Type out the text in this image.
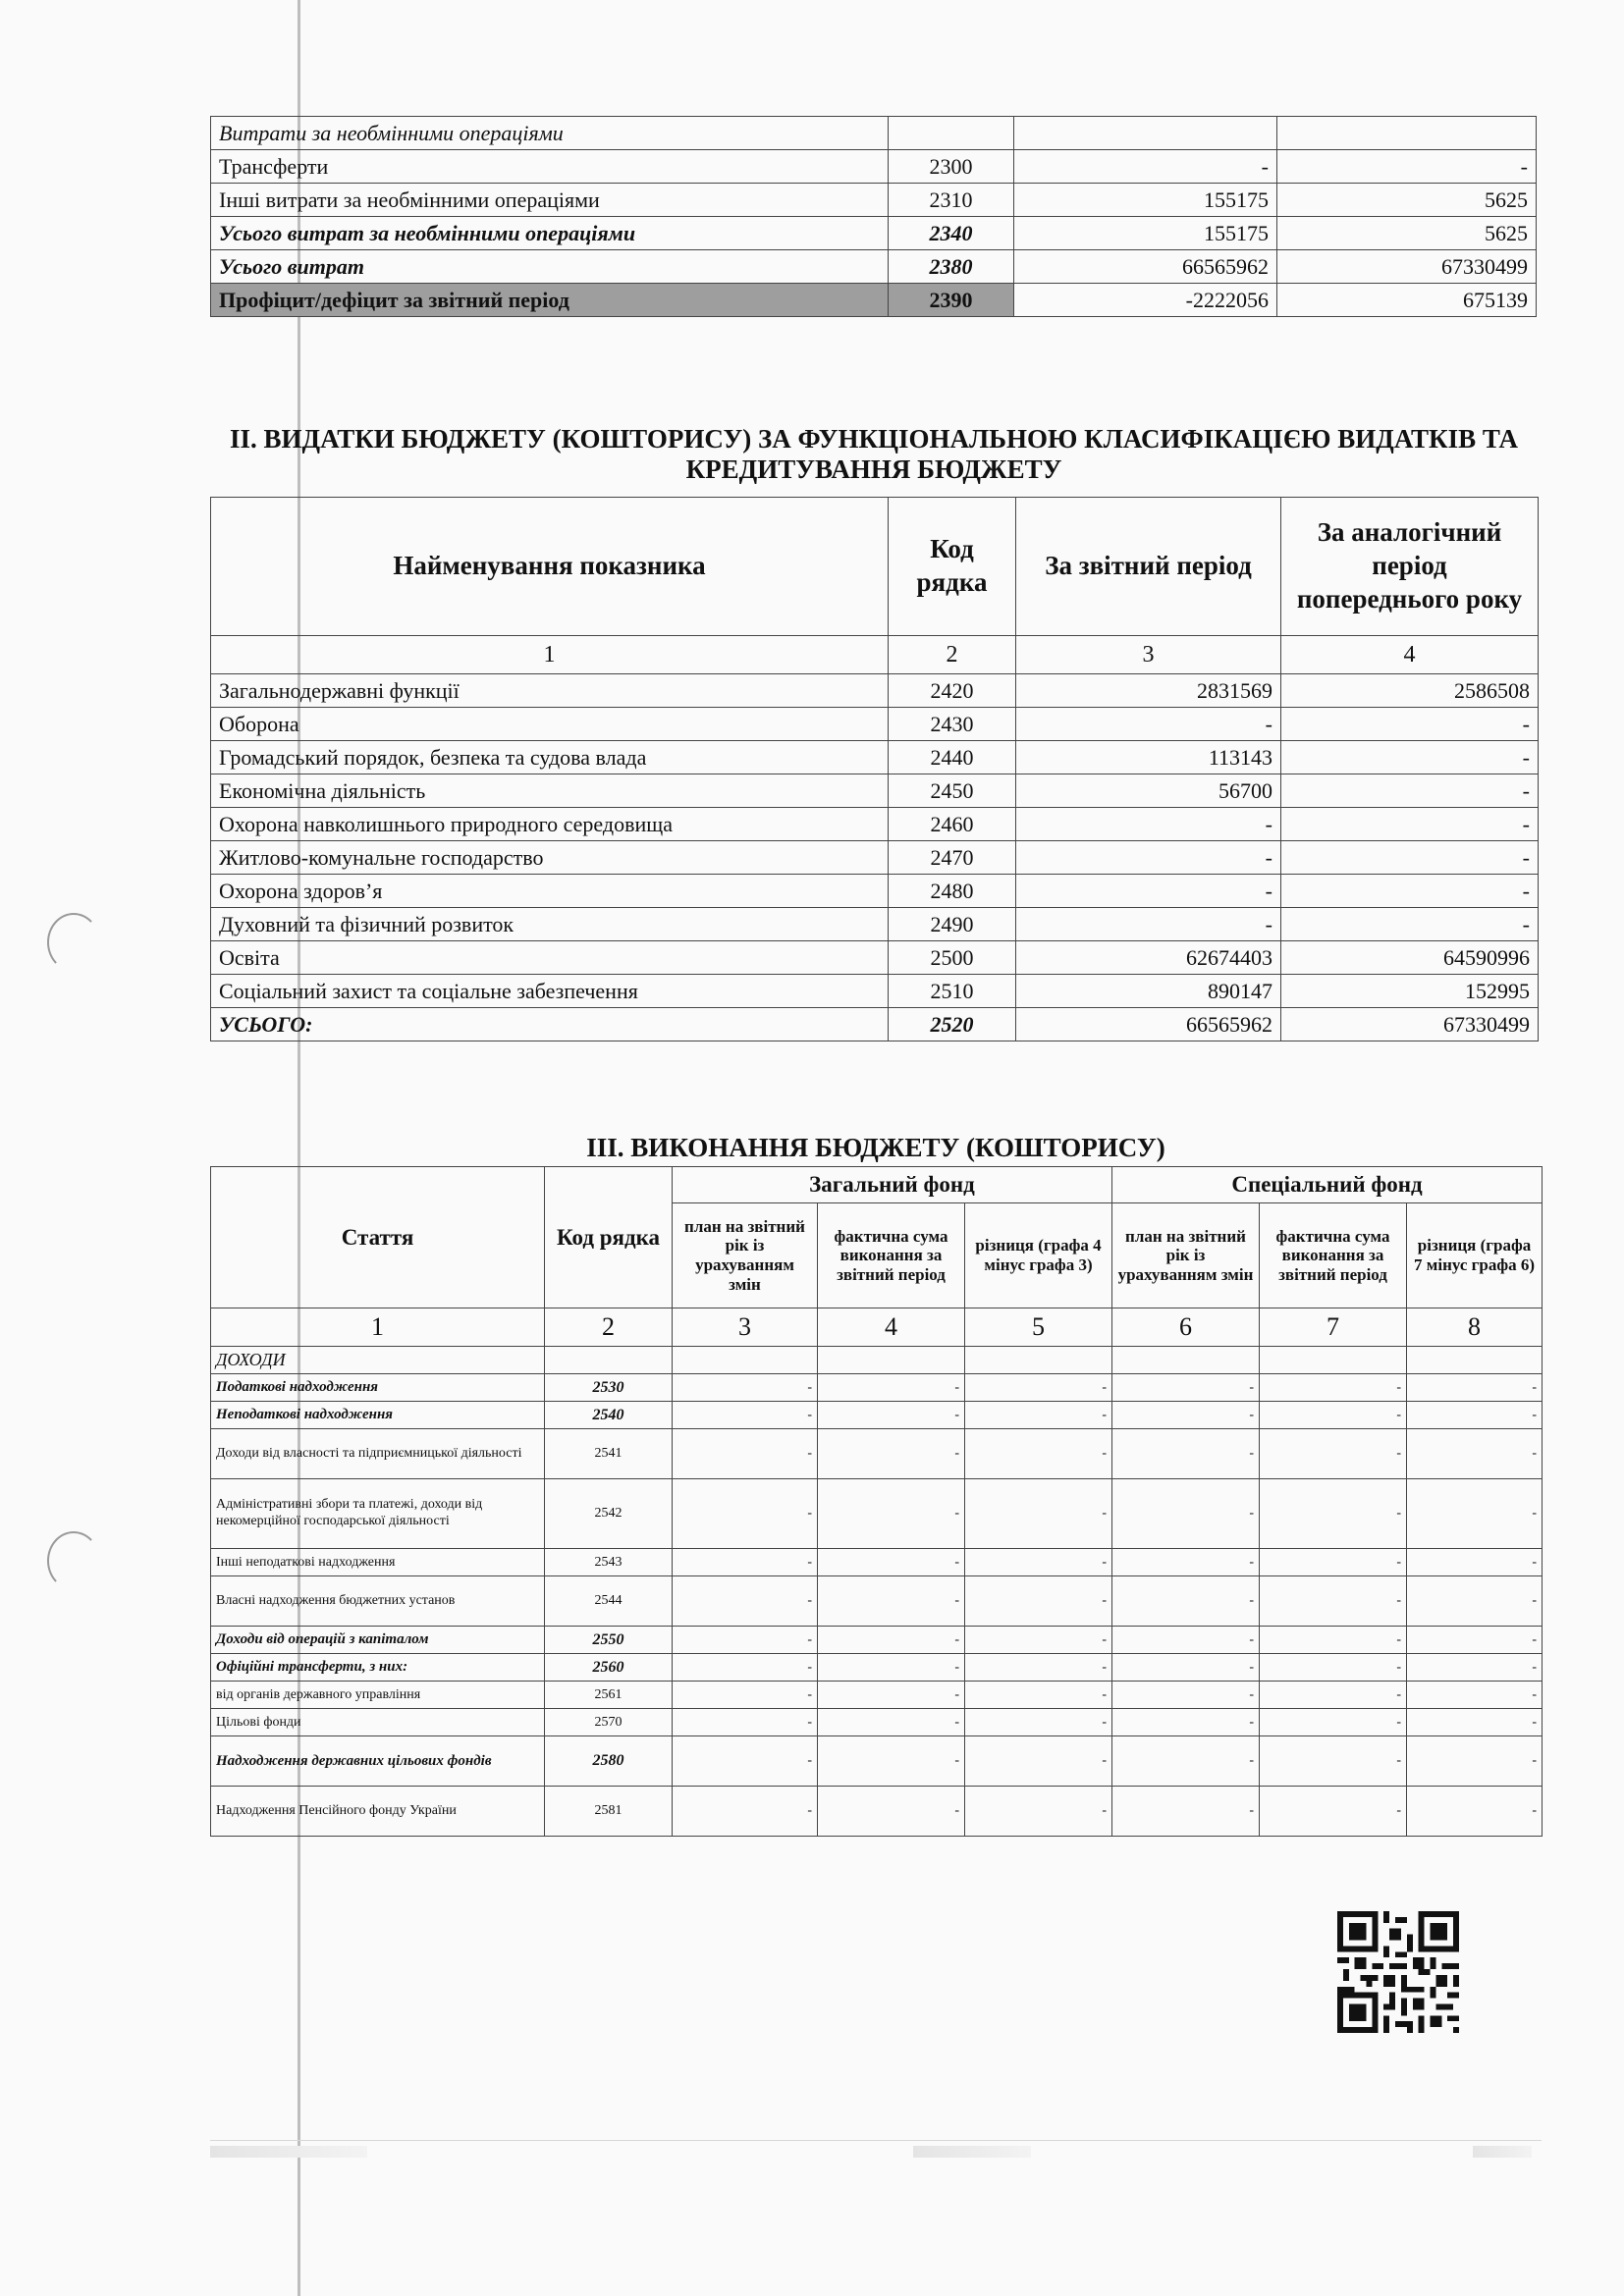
Витрати за необмінними операціями			
Трансферти	2300	-	-
Інші витрати за необмінними операціями	2310	155175	5625
Усього витрат за необмінними операціями	2340	155175	5625
Усього витрат	2380	66565962	67330499
Профіцит/дефіцит за звітний період	2390	-2222056	675139
II. ВИДАТКИ БЮДЖЕТУ (КОШТОРИСУ) ЗА ФУНКЦІОНАЛЬНОЮ КЛАСИФІКАЦІЄЮ ВИДАТКІВ ТА
КРЕДИТУВАННЯ БЮДЖЕТУ
Найменування показника	Код рядка	За звітний період	За аналогічний період попереднього року
1	2	3	4
Загальнодержавні функції	2420	2831569	2586508
Оборона	2430	-	-
Громадський порядок, безпека та судова влада	2440	113143	-
Економічна діяльність	2450	56700	-
Охорона навколишнього природного середовища	2460	-	-
Житлово-комунальне господарство	2470	-	-
Охорона здоров’я	2480	-	-
Духовний та фізичний розвиток	2490	-	-
Освіта	2500	62674403	64590996
Соціальний захист та соціальне забезпечення	2510	890147	152995
УСЬОГО:	2520	66565962	67330499
III. ВИКОНАННЯ БЮДЖЕТУ (КОШТОРИСУ)
Стаття	Код рядка	Загальний фонд			Спеціальний фонд		
		план на звітний рік із урахуванням змін	фактична сума виконання за звітний період	різниця (графа 4 мінус графа 3)	план на звітний рік із урахуванням змін	фактична сума виконання за звітний період	різниця (графа 7 мінус графа 6)
1	2	3	4	5	6	7	8
ДОХОДИ							
Податкові надходження	2530	-	-	-	-	-	-
Неподаткові надходження	2540	-	-	-	-	-	-
Доходи від власності та підприємницької діяльності	2541	-	-	-	-	-	-
Адміністративні збори та платежі, доходи від некомерційної господарської діяльності	2542	-	-	-	-	-	-
Інші неподаткові надходження	2543	-	-	-	-	-	-
Власні надходження бюджетних установ	2544	-	-	-	-	-	-
Доходи від операцій з капіталом	2550	-	-	-	-	-	-
Офіційні трансферти, з них:	2560	-	-	-	-	-	-
від органів державного управління	2561	-	-	-	-	-	-
Цільові фонди	2570	-	-	-	-	-	-
Надходження державних цільових фондів	2580	-	-	-	-	-	-
Надходження Пенсійного фонду України	2581	-	-	-	-	-	-
